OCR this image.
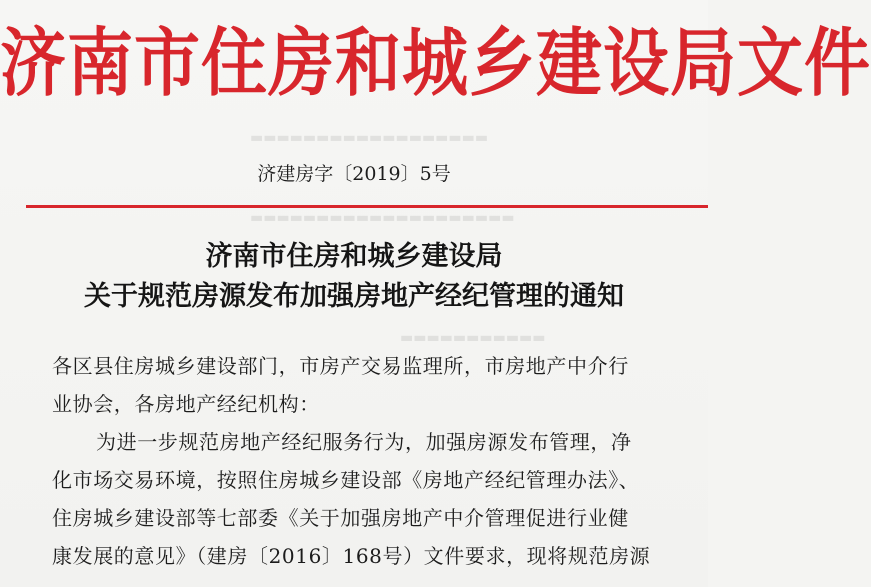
▬▬▬▬▬▬▬▬▬▬▬▬▬▬▬▬▬▬
▬▬▬▬▬▬▬▬▬▬▬▬▬▬▬▬▬▬▬▬
▬▬▬▬▬▬▬▬▬▬▬
济南市住房和城乡建设局文件
济建房字〔2019〕5号
济南市住房和城乡建设局
关于规范房源发布加强房地产经纪管理的通知
各区县住房城乡建设部门，市房产交易监理所，市房地产中介行
业协会，各房地产经纪机构：
为进一步规范房地产经纪服务行为，加强房源发布管理，净
化市场交易环境，按照住房城乡建设部《房地产经纪管理办法》、
住房城乡建设部等七部委《关于加强房地产中介管理促进行业健
康发展的意见》（建房〔2016〕168号）文件要求，现将规范房源
